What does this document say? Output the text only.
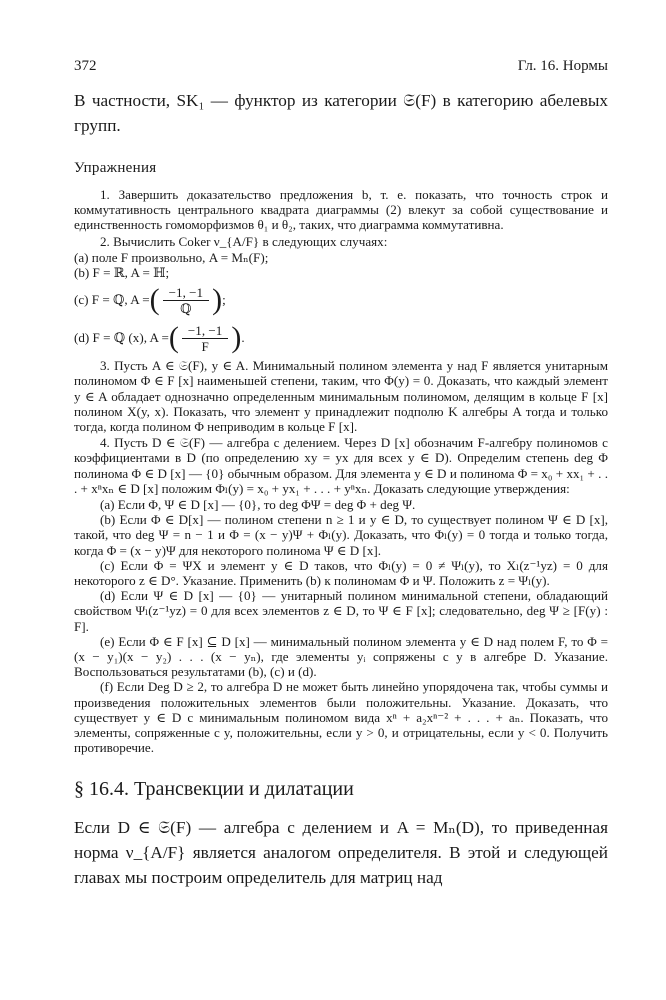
372	Гл. 16. Нормы

В частности, SK₁ — функтор из категории 𝔖(F) в категорию абелевых групп.

Упражнения

1. Завершить доказательство предложения b, т. е. показать, что точность строк и коммутативность центрального квадрата диаграммы (2) влекут за собой существование и единственность гомоморфизмов θ₁ и θ₂, таких, что диаграмма коммутативна.

2. Вычислить Coker ν_{A/F} в следующих случаях:

(a) поле F произвольно, A = Mₙ(F);

(b) F = ℝ, A = ℍ;

(c) F = ℚ, A = ( $\frac{-1, -1}{\text{ℚ}}$ ) ;
(d) F = ℚ (x), A = ( $\frac{-1, -1}{F}$ ) .

3. Пусть A ∈ 𝔖(F), y ∈ A. Минимальный полином элемента y над F является унитарным полиномом Φ ∈ F [x] наименьшей степени, таким, что Φ(y) = 0. Доказать, что каждый элемент y ∈ A обладает однозначно определенным минимальным полиномом, делящим в кольце F [x] полином X(y, x). Показать, что элемент y принадлежит подполю K алгебры A тогда и только тогда, когда полином Φ неприводим в кольце F [x].

4. Пусть D ∈ 𝔖(F) — алгебра с делением. Через D [x] обозначим F-алгебру полиномов с коэффициентами в D (по определению xy = yx для всех y ∈ D). Определим степень deg Φ полинома Φ ∈ D [x] — {0} обычным образом. Для элемента y ∈ D и полинома Φ = x₀ + xx₁ + . . . + xⁿxₙ ∈ D [x] положим Φₗ(y) = x₀ + yx₁ + . . . + yⁿxₙ. Доказать следующие утверждения:

(a) Если Φ, Ψ ∈ D [x] — {0}, то deg ΦΨ = deg Φ + deg Ψ.

(b) Если Φ ∈ D[x] — полином степени n ≥ 1 и y ∈ D, то существует полином Ψ ∈ D [x], такой, что deg Ψ = n − 1 и Φ = (x − y)Ψ + Φₗ(y). Доказать, что Φₗ(y) = 0 тогда и только тогда, когда Φ = (x − y)Ψ для некоторого полинома Ψ ∈ D [x].

(c) Если Φ = ΨX и элемент y ∈ D таков, что Φₗ(y) = 0 ≠ Ψₗ(y), то Xₗ(z⁻¹yz) = 0 для некоторого z ∈ D°. Указание. Применить (b) к полиномам Φ и Ψ. Положить z = Ψₗ(y).

(d) Если Ψ ∈ D [x] — {0} — унитарный полином минимальной степени, обладающий свойством Ψₗ(z⁻¹yz) = 0 для всех элементов z ∈ D, то Ψ ∈ F [x]; следовательно, deg Ψ ≥ [F(y) : F].

(e) Если Φ ∈ F [x] ⊆ D [x] — минимальный полином элемента y ∈ D над полем F, то Φ = (x − y₁)(x − y₂) . . . (x − yₙ), где элементы yᵢ сопряжены с y в алгебре D. Указание. Воспользоваться результатами (b), (c) и (d).

(f) Если Deg D ≥ 2, то алгебра D не может быть линейно упорядочена так, чтобы суммы и произведения положительных элементов были положительны. Указание. Доказать, что существует y ∈ D с минимальным полиномом вида xⁿ + a₂xⁿ⁻² + . . . + aₙ. Показать, что элементы, сопряженные с y, положительны, если y > 0, и отрицательны, если y < 0. Получить противоречие.

§ 16.4. Трансвекции и дилатации

Если D ∈ 𝔖(F) — алгебра с делением и A = Mₙ(D), то приведенная норма ν_{A/F} является аналогом определителя. В этой и следующей главах мы построим определитель для матриц над
